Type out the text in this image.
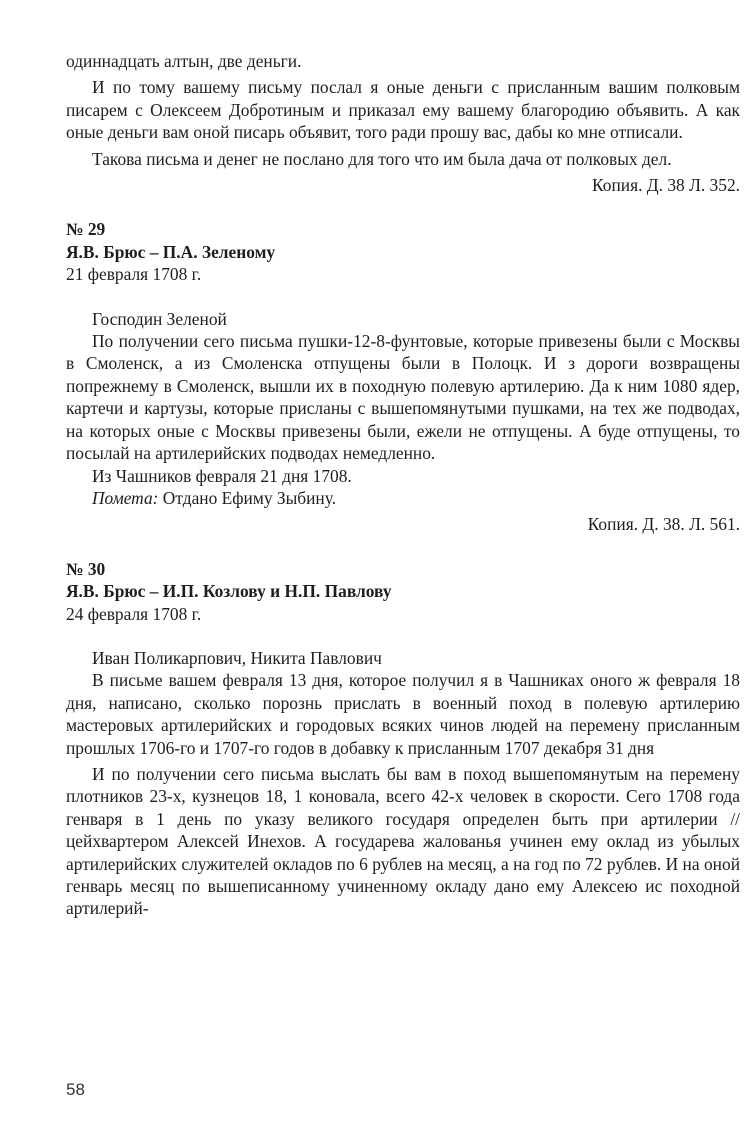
одиннадцать алтын, две деньги.

И по тому вашему письму послал я оные деньги с присланным вашим полковым писарем с Олексеем Добротиным и приказал ему вашему благородию объявить. А как оные деньги вам оной писарь объявит, того ради прошу вас, дабы ко мне отписали.

Такова письма и денег не послано для того что им была дача от полковых дел.

Копия. Д. 38 Л. 352.

№ 29

Я.В. Брюс – П.А. Зеленому

21 февраля 1708 г.

Господин Зеленой

По получении сего письма пушки-12-8-фунтовые, которые привезены были с Москвы в Смоленск, а из Смоленска отпущены были в Полоцк. И з дороги возвращены попрежнему в Смоленск, вышли их в походную полевую артилерию. Да к ним 1080 ядер, картечи и картузы, которые присланы с вышепомянутыми пушками, на тех же подводах, на которых оные с Москвы привезены были, ежели не отпущены. А буде отпущены, то посылай на артилерийских подводах немедленно.

Из Чашников февраля 21 дня 1708.

Помета: Отдано Ефиму Зыбину.

Копия. Д. 38. Л. 561.

№ 30

Я.В. Брюс – И.П. Козлову и Н.П. Павлову

24 февраля 1708 г.

Иван Поликарпович, Никита Павлович

В письме вашем февраля 13 дня, которое получил я в Чашниках оного ж февраля 18 дня, написано, сколько порознь прислать в военный поход в полевую артилерию мастеровых артилерийских и городовых всяких чинов людей на перемену присланным прошлых 1706-го и 1707-го годов в добавку к присланным 1707 декабря 31 дня

И по получении сего письма выслать бы вам в поход вышепомянутым на перемену плотников 23-х, кузнецов 18, 1 коновала, всего 42-х человек в скорости. Сего 1708 года генваря в 1 день по указу великого государя определен быть при артилерии // цейхвартером Алексей Инехов. А государева жалованья учинен ему оклад из убылых артилерийских служителей окладов по 6 рублев на месяц, а на год по 72 рублев. И на оной генварь месяц по вышеписанному учиненному окладу дано ему Алексею ис походной артилерий-

58
